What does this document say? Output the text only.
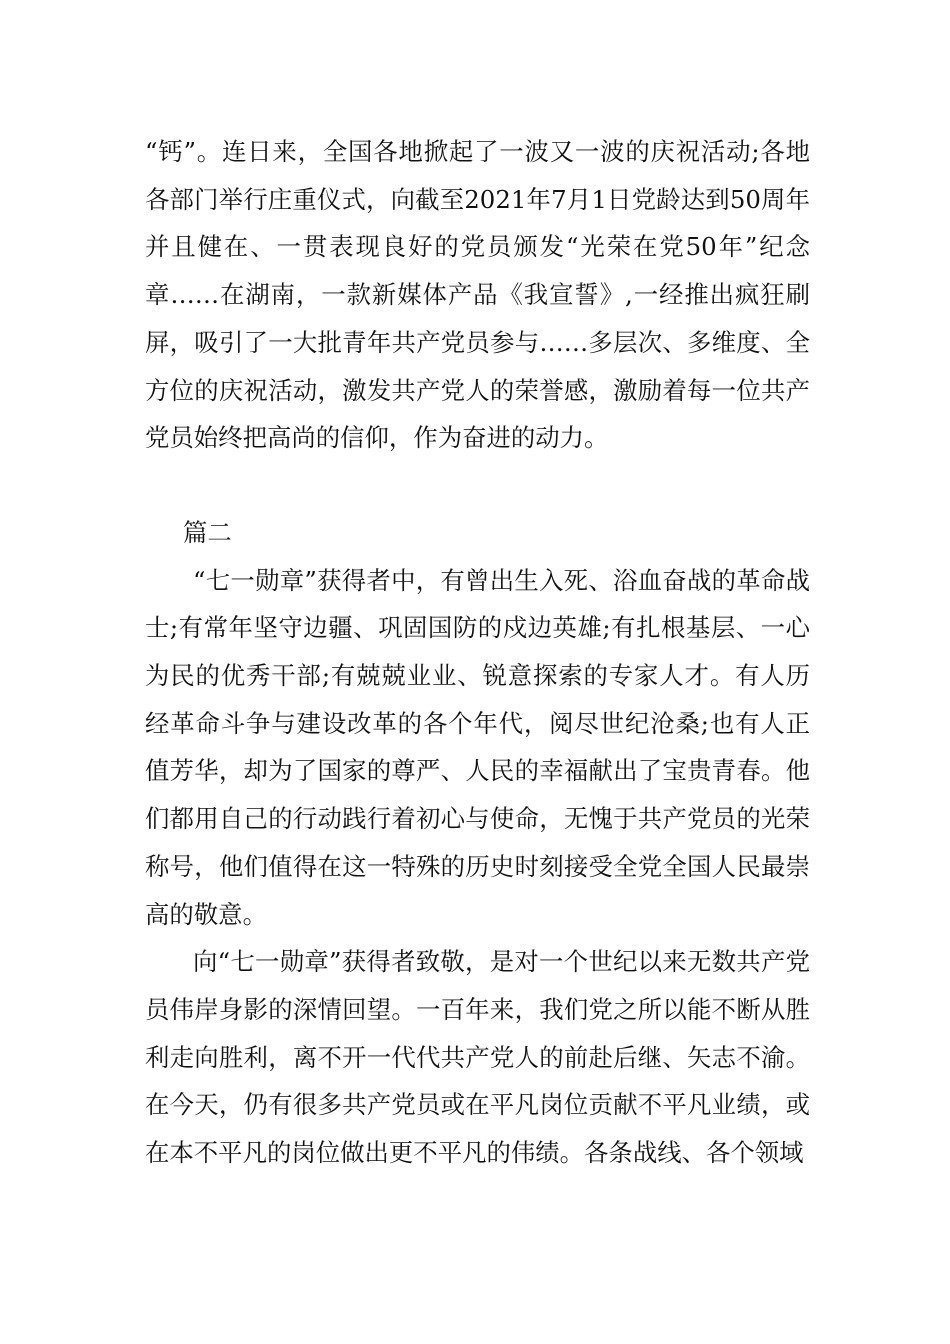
“钙”。连日来，全国各地掀起了一波又一波的庆祝活动;各地各部门举行庄重仪式，向截至2021年7月1日党龄达到50周年并且健在、一贯表现良好的党员颁发“光荣在党50年”纪念章……在湖南，一款新媒体产品《我宣誓》,一经推出疯狂刷屏，吸引了一大批青年共产党员参与……多层次、多维度、全方位的庆祝活动，激发共产党人的荣誉感，激励着每一位共产党员始终把高尚的信仰，作为奋进的动力。

篇二

“七一勋章”获得者中，有曾出生入死、浴血奋战的革命战士;有常年坚守边疆、巩固国防的戍边英雄;有扎根基层、一心为民的优秀干部;有兢兢业业、锐意探索的专家人才。有人历经革命斗争与建设改革的各个年代，阅尽世纪沧桑;也有人正值芳华，却为了国家的尊严、人民的幸福献出了宝贵青春。他们都用自己的行动践行着初心与使命，无愧于共产党员的光荣称号，他们值得在这一特殊的历史时刻接受全党全国人民最崇高的敬意。

向“七一勋章”获得者致敬，是对一个世纪以来无数共产党员伟岸身影的深情回望。一百年来，我们党之所以能不断从胜利走向胜利，离不开一代代共产党人的前赴后继、矢志不渝。在今天，仍有很多共产党员或在平凡岗位贡献不平凡业绩，或在本不平凡的岗位做出更不平凡的伟绩。各条战线、各个领域
